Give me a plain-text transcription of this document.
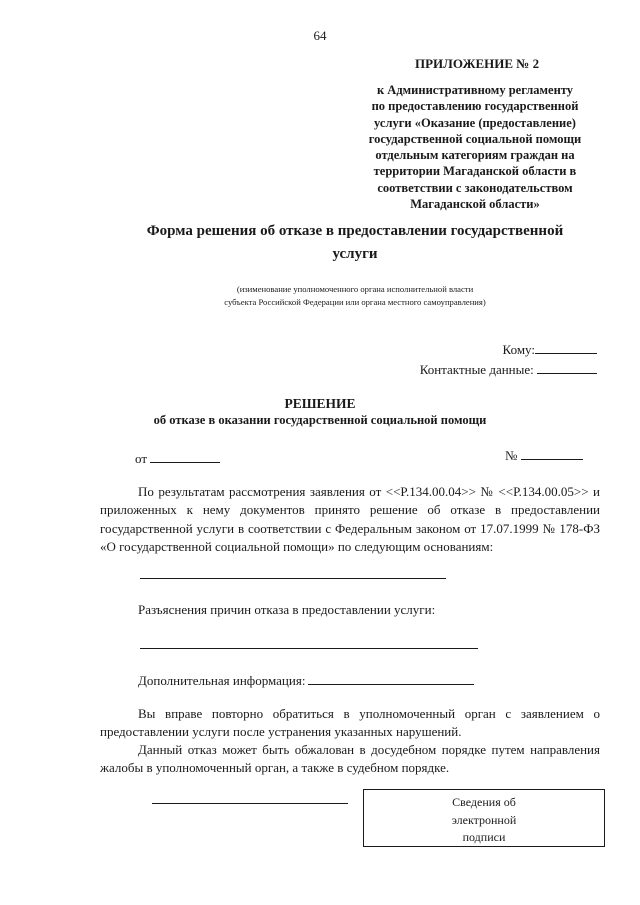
64
ПРИЛОЖЕНИЕ № 2
к Административному регламенту
по предоставлению государственной
услуги «Оказание (предоставление)
государственной социальной помощи
отдельным категориям граждан на
территории Магаданской области в
соответствии с законодательством
Магаданской области»
Форма решения об отказе в предоставлении государственной
услуги
(изименование уполномоченного органа исполнительной власти
субъекта Российской Федерации или органа местного самоуправления)
Кому:
Контактные данные:
РЕШЕНИЕ
об отказе в оказании государственной социальной помощи
от	№
По результатам рассмотрения заявления от <<Р.134.00.04>> № <<Р.134.00.05>> и приложенных к нему документов принято решение об отказе в предоставлении государственной услуги в соответствии с Федеральным законом от 17.07.1999 № 178-ФЗ «О государственной социальной помощи» по следующим основаниям:
Разъяснения причин отказа в предоставлении услуги:
Дополнительная информация:
Вы вправе повторно обратиться в уполномоченный орган с заявлением о предоставлении услуги после устранения указанных нарушений.
Данный отказ может быть обжалован в досудебном порядке путем направления жалобы в уполномоченный орган, а также в судебном порядке.
Сведения об
электронной
подписи
